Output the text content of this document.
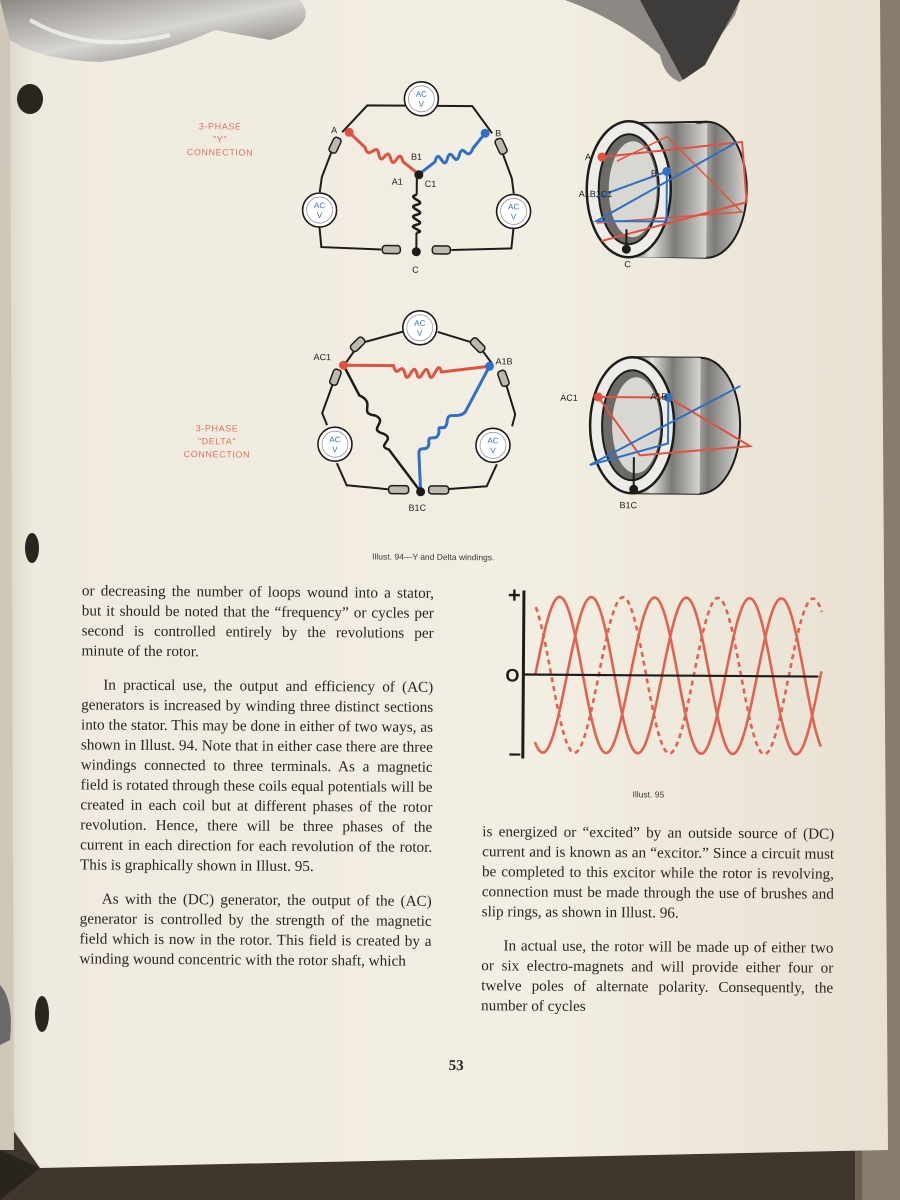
3-PHASE
"Y"
CONNECTION
AC
V
AC
V
AC
V
A	B
B1
A1 C1
C
A
B
A1B1C1
C
3-PHASE
"DELTA"
CONNECTION
AC
V
AC
V
AC
V
AC1	A1B
B1C
AC1	A1B
B1C
Illust. 94—Y and Delta windings.

or decreasing the number of loops wound into a stator, but it should be noted that the “frequency” or cycles per second is controlled entirely by the revolutions per minute of the rotor.

In practical use, the output and efficiency of (AC) generators is increased by winding three distinct sections into the stator. This may be done in either of two ways, as shown in Illust. 94. Note that in either case there are three windings connected to three terminals. As a magnetic field is rotated through these coils equal potentials will be created in each coil but at different phases of the rotor revolution. Hence, there will be three phases of the current in each direction for each revolution of the rotor. This is graphically shown in Illust. 95.

As with the (DC) generator, the output of the (AC) generator is controlled by the strength of the magnetic field which is now in the rotor. This field is created by a winding wound concentric with the rotor shaft, which

+
O
–
Illust. 95

is energized or “excited” by an outside source of (DC) current and is known as an “excitor.” Since a circuit must be completed to this excitor while the rotor is revolving, connection must be made through the use of brushes and slip rings, as shown in Illust. 96.

In actual use, the rotor will be made up of either two or six electro-magnets and will provide either four or twelve poles of alternate polarity. Consequently, the number of cycles

53
